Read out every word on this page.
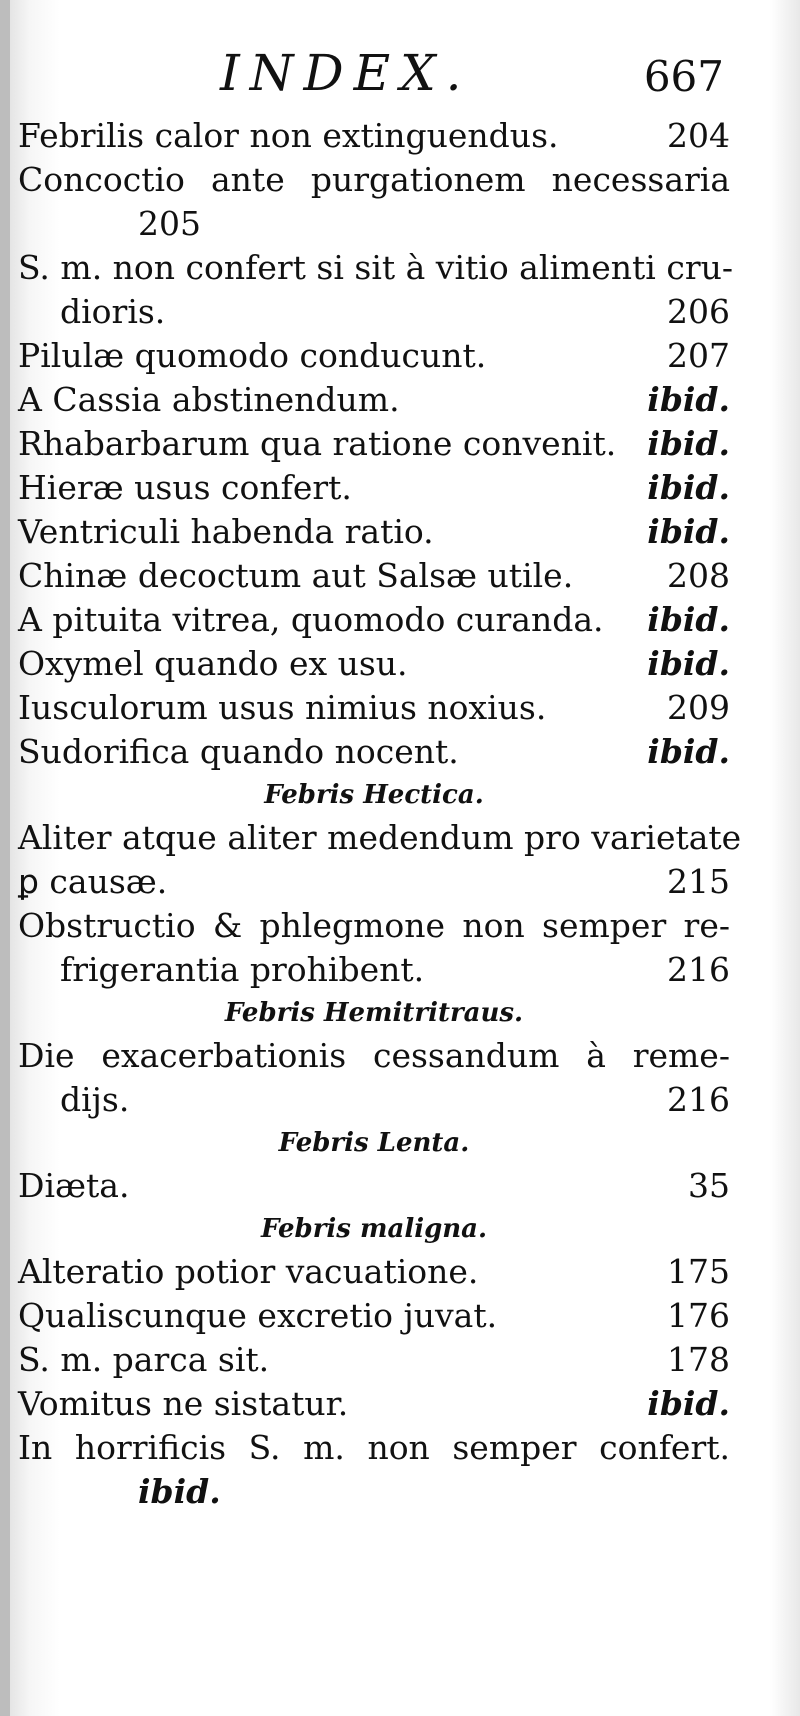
INDEX.	667
Febrilis calor non extinguendus.	204
Concoctio ante purgationem necessaria
205
S. m. non confert si sit à vitio alimenti cru-
dioris.	206
Pilulæ quomodo conducunt.	207
A Cassia abstinendum.	ibid.
Rhabarbarum qua ratione convenit. ibid.
Hieræ usus confert.	ibid.
Ventriculi habenda ratio.	ibid.
Chinæ decoctum aut Salsæ utile.	208
A pituita vitrea, quomodo curanda. ibid.
Oxymel quando ex usu.	ibid.
Iusculorum usus nimius noxius.	209
Sudorifica quando nocent.	ibid.
Febris Hectica.
Aliter atque aliter medendum pro varietate
ꝑ causæ.	215
Obstructio & phlegmone non semper re-
frigerantia prohibent.	216
Febris Hemitritraus.
Die exacerbationis cessandum à reme-
dijs.	216
Febris Lenta.
Diæta.	35
Febris maligna.
Alteratio potior vacuatione.	175
Qualiscunque excretio juvat.	176
S. m. parca sit.	178
Vomitus ne sistatur.	ibid.
In horrificis S. m. non semper confert.
ibid.
